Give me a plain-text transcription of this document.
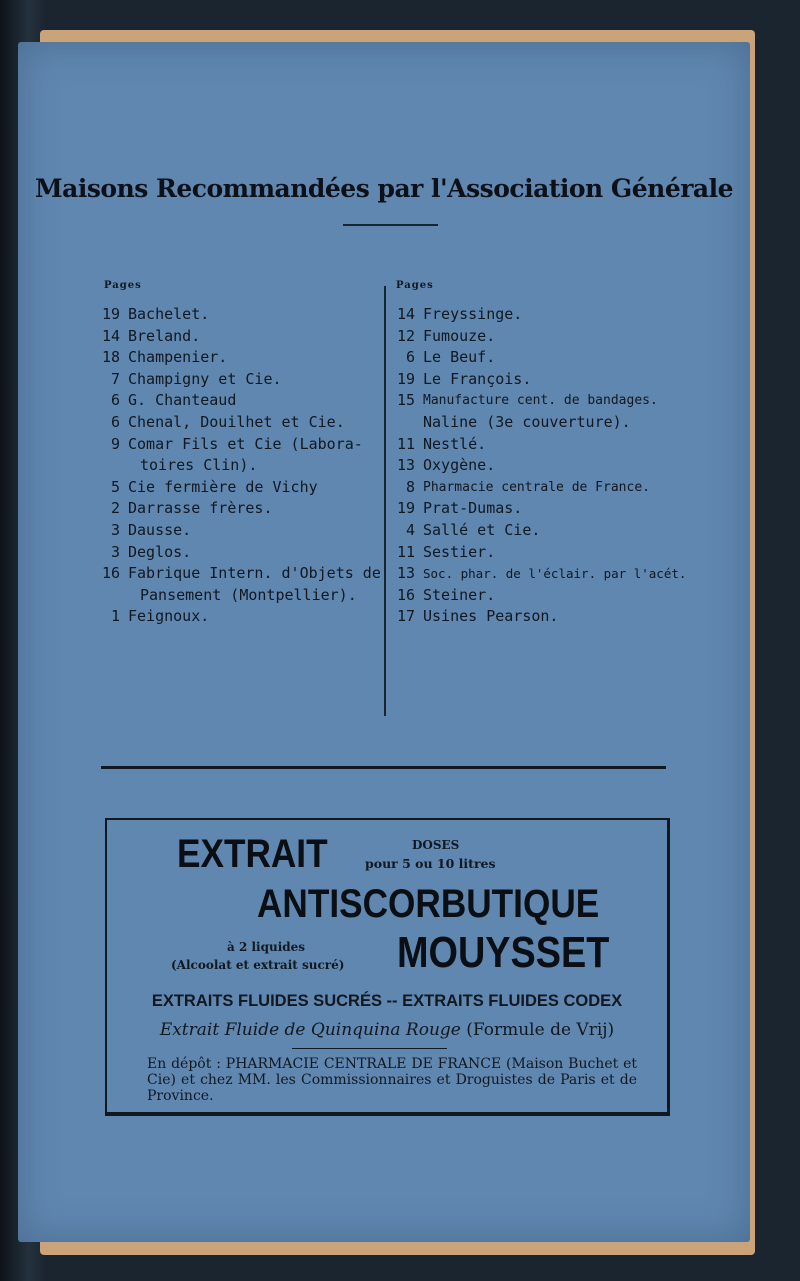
Maisons Recommandées par l'Association Générale
Pages	Pages
19 Bachelet.
14 Breland.
18 Champenier.
7 Champigny et Cie.
6 G. Chanteaud
6 Chenal, Douilhet et Cie.
9 Comar Fils et Cie (Labora-
toires Clin).
5 Cie fermière de Vichy
2 Darrasse frères.
3 Dausse.
3 Deglos.
16 Fabrique Intern. d'Objets de
Pansement (Montpellier).
1 Feignoux.
14 Freyssinge.
12 Fumouze.
6 Le Beuf.
19 Le François.
15 Manufacture cent. de bandages.
Naline (3e couverture).
11 Nestlé.
13 Oxygène.
8 Pharmacie centrale de France.
19 Prat-Dumas.
4 Sallé et Cie.
11 Sestier.
13 Soc. phar. de l'éclair. par l'acét.
16 Steiner.
17 Usines Pearson.
EXTRAIT	DOSES
pour 5 ou 10 litres
ANTISCORBUTIQUE
à 2 liquides
(Alcoolat et extrait sucré) MOUYSSET
EXTRAITS FLUIDES SUCRÉS -- EXTRAITS FLUIDES CODEX
Extrait Fluide de Quinquina Rouge (Formule de Vrij)
En dépôt : PHARMACIE CENTRALE DE FRANCE (Maison Buchet et Cie) et chez MM. les Commissionnaires et Droguistes de Paris et de Province.
